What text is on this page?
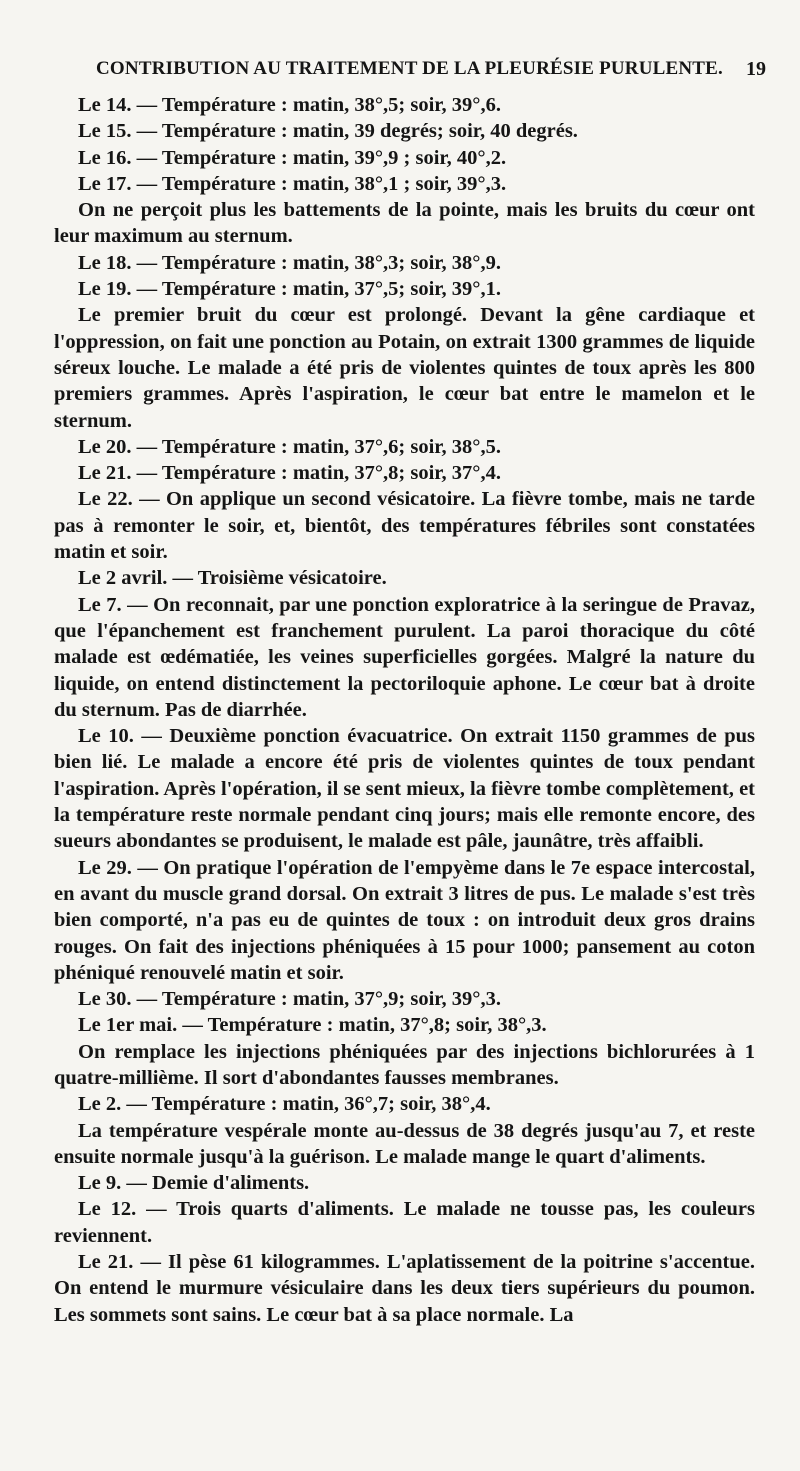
CONTRIBUTION AU TRAITEMENT DE LA PLEURÉSIE PURULENTE. 19

Le 14. — Température : matin, 38°,5; soir, 39°,6.

Le 15. — Température : matin, 39 degrés; soir, 40 degrés.

Le 16. — Température : matin, 39°,9 ; soir, 40°,2.

Le 17. — Température : matin, 38°,1 ; soir, 39°,3.

On ne perçoit plus les battements de la pointe, mais les bruits du cœur ont leur maximum au sternum.

Le 18. — Température : matin, 38°,3; soir, 38°,9.

Le 19. — Température : matin, 37°,5; soir, 39°,1.

Le premier bruit du cœur est prolongé. Devant la gêne cardiaque et l'oppression, on fait une ponction au Potain, on extrait 1300 grammes de liquide séreux louche. Le malade a été pris de violentes quintes de toux après les 800 premiers grammes. Après l'aspiration, le cœur bat entre le mamelon et le sternum.

Le 20. — Température : matin, 37°,6; soir, 38°,5.

Le 21. — Température : matin, 37°,8; soir, 37°,4.

Le 22. — On applique un second vésicatoire. La fièvre tombe, mais ne tarde pas à remonter le soir, et, bientôt, des températures fébriles sont constatées matin et soir.

Le 2 avril. — Troisième vésicatoire.

Le 7. — On reconnait, par une ponction exploratrice à la seringue de Pravaz, que l'épanchement est franchement purulent. La paroi thoracique du côté malade est œdématiée, les veines superficielles gorgées. Malgré la nature du liquide, on entend distinctement la pectoriloquie aphone. Le cœur bat à droite du sternum. Pas de diarrhée.

Le 10. — Deuxième ponction évacuatrice. On extrait 1150 grammes de pus bien lié. Le malade a encore été pris de violentes quintes de toux pendant l'aspiration. Après l'opération, il se sent mieux, la fièvre tombe complètement, et la température reste normale pendant cinq jours; mais elle remonte encore, des sueurs abondantes se produisent, le malade est pâle, jaunâtre, très affaibli.

Le 29. — On pratique l'opération de l'empyème dans le 7e espace intercostal, en avant du muscle grand dorsal. On extrait 3 litres de pus. Le malade s'est très bien comporté, n'a pas eu de quintes de toux : on introduit deux gros drains rouges. On fait des injections phéniquées à 15 pour 1000; pansement au coton phéniqué renouvelé matin et soir.

Le 30. — Température : matin, 37°,9; soir, 39°,3.

Le 1er mai. — Température : matin, 37°,8; soir, 38°,3.

On remplace les injections phéniquées par des injections bichlorurées à 1 quatre-millième. Il sort d'abondantes fausses membranes.

Le 2. — Température : matin, 36°,7; soir, 38°,4.

La température vespérale monte au-dessus de 38 degrés jusqu'au 7, et reste ensuite normale jusqu'à la guérison. Le malade mange le quart d'aliments.

Le 9. — Demie d'aliments.

Le 12. — Trois quarts d'aliments. Le malade ne tousse pas, les couleurs reviennent.

Le 21. — Il pèse 61 kilogrammes. L'aplatissement de la poitrine s'accentue. On entend le murmure vésiculaire dans les deux tiers supérieurs du poumon. Les sommets sont sains. Le cœur bat à sa place normale. La
